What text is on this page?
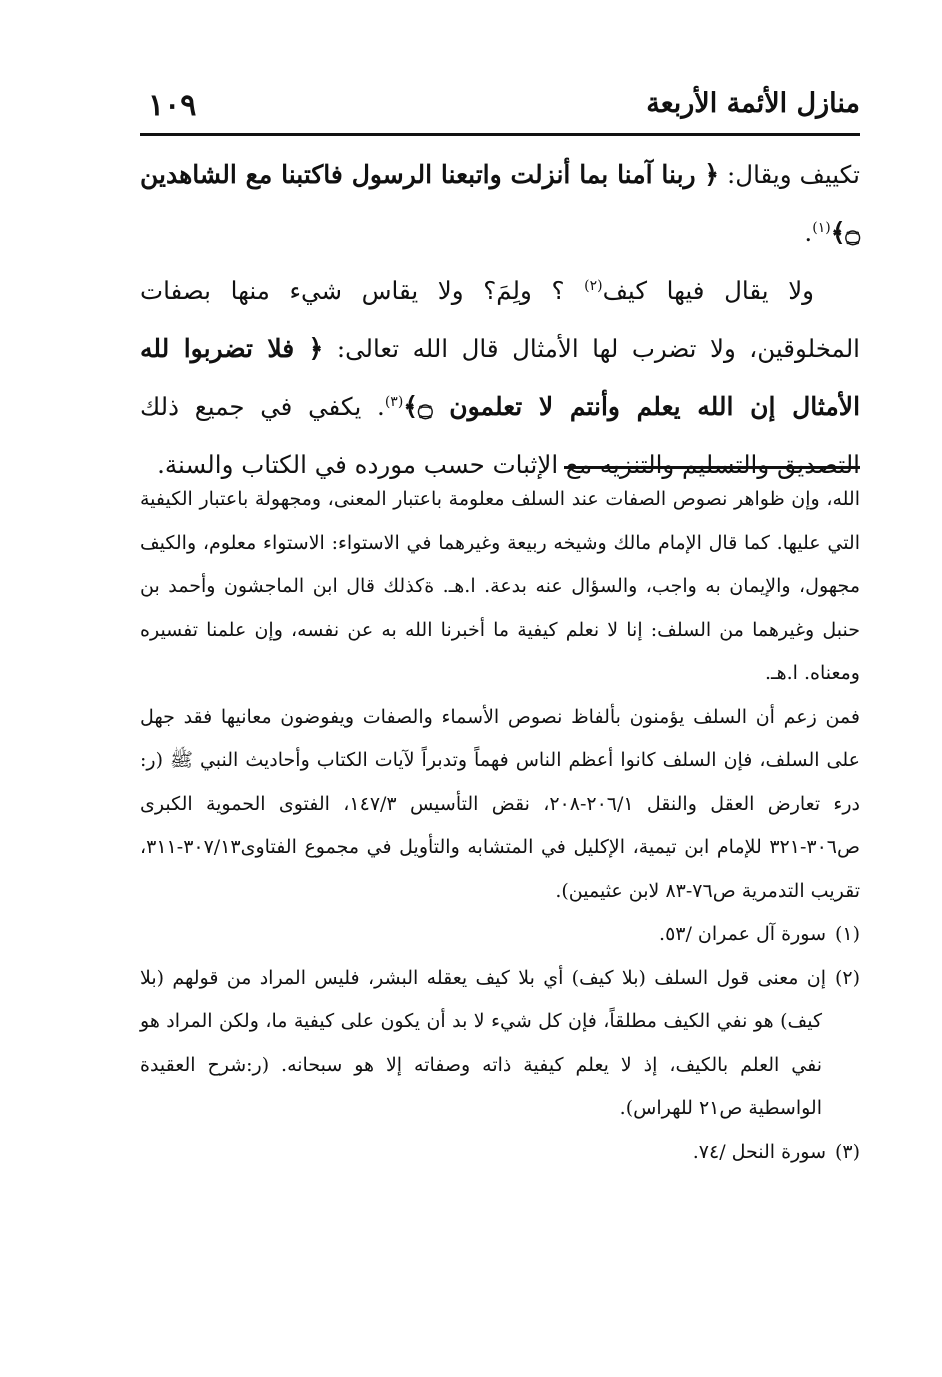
١٠٩	منازل الأئمة الأربعة

تكييف ويقال: ﴿ ربنا آمنا بما أنزلت واتبعنا الرسول فاكتبنا مع الشاهدين ۝﴾$^{(١)}$.

ولا يقال فيها كيف$^{(٢)}$ ؟ ولِمَ؟ ولا يقاس شيء منها بصفات المخلوقين، ولا تضرب لها الأمثال قال الله تعالى: ﴿ فلا تضربوا لله الأمثال إن الله يعلم وأنتم لا تعلمون ۝﴾$^{(٣)}$. يكفي في جميع ذلك التصديق والتسليم والتنزيه مع الإثبات حسب مورده في الكتاب والسنة.

الله، وإن ظواهر نصوص الصفات عند السلف معلومة باعتبار المعنى، ومجهولة باعتبار الكيفية التي عليها. كما قال الإمام مالك وشيخه ربيعة وغيرهما في الاستواء: الاستواء معلوم، والكيف مجهول، والإيمان به واجب، والسؤال عنه بدعة. ا.هـ. ةكذلك قال ابن الماجشون وأحمد بن حنبل وغيرهما من السلف: إنا لا نعلم كيفية ما أخبرنا الله به عن نفسه، وإن علمنا تفسيره ومعناه. ا.هـ.

فمن زعم أن السلف يؤمنون بألفاظ نصوص الأسماء والصفات ويفوضون معانيها فقد جهل على السلف، فإن السلف كانوا أعظم الناس فهماً وتدبراً لآيات الكتاب وأحاديث النبي ﷺ (ر: درء تعارض العقل والنقل ٢٠٦/١-٢٠٨، نقض التأسيس ١٤٧/٣، الفتوى الحموية الكبرى ص٣٠٦-٣٢١ للإمام ابن تيمية، الإكليل في المتشابه والتأويل في مجموع الفتاوى٣٠٧/١٣-٣١١، تقريب التدمرية ص٧٦-٨٣ لابن عثيمين).

(١)سورة آل عمران /٥٣.

(٢)إن معنى قول السلف (بلا كيف) أي بلا كيف يعقله البشر، فليس المراد من قولهم (بلا كيف) هو نفي الكيف مطلقاً، فإن كل شيء لا بد أن يكون على كيفية ما، ولكن المراد هو نفي العلم بالكيف، إذ لا يعلم كيفية ذاته وصفاته إلا هو سبحانه. (ر:شرح العقيدة الواسطية ص٢١ للهراس).

(٣)سورة النحل /٧٤.
